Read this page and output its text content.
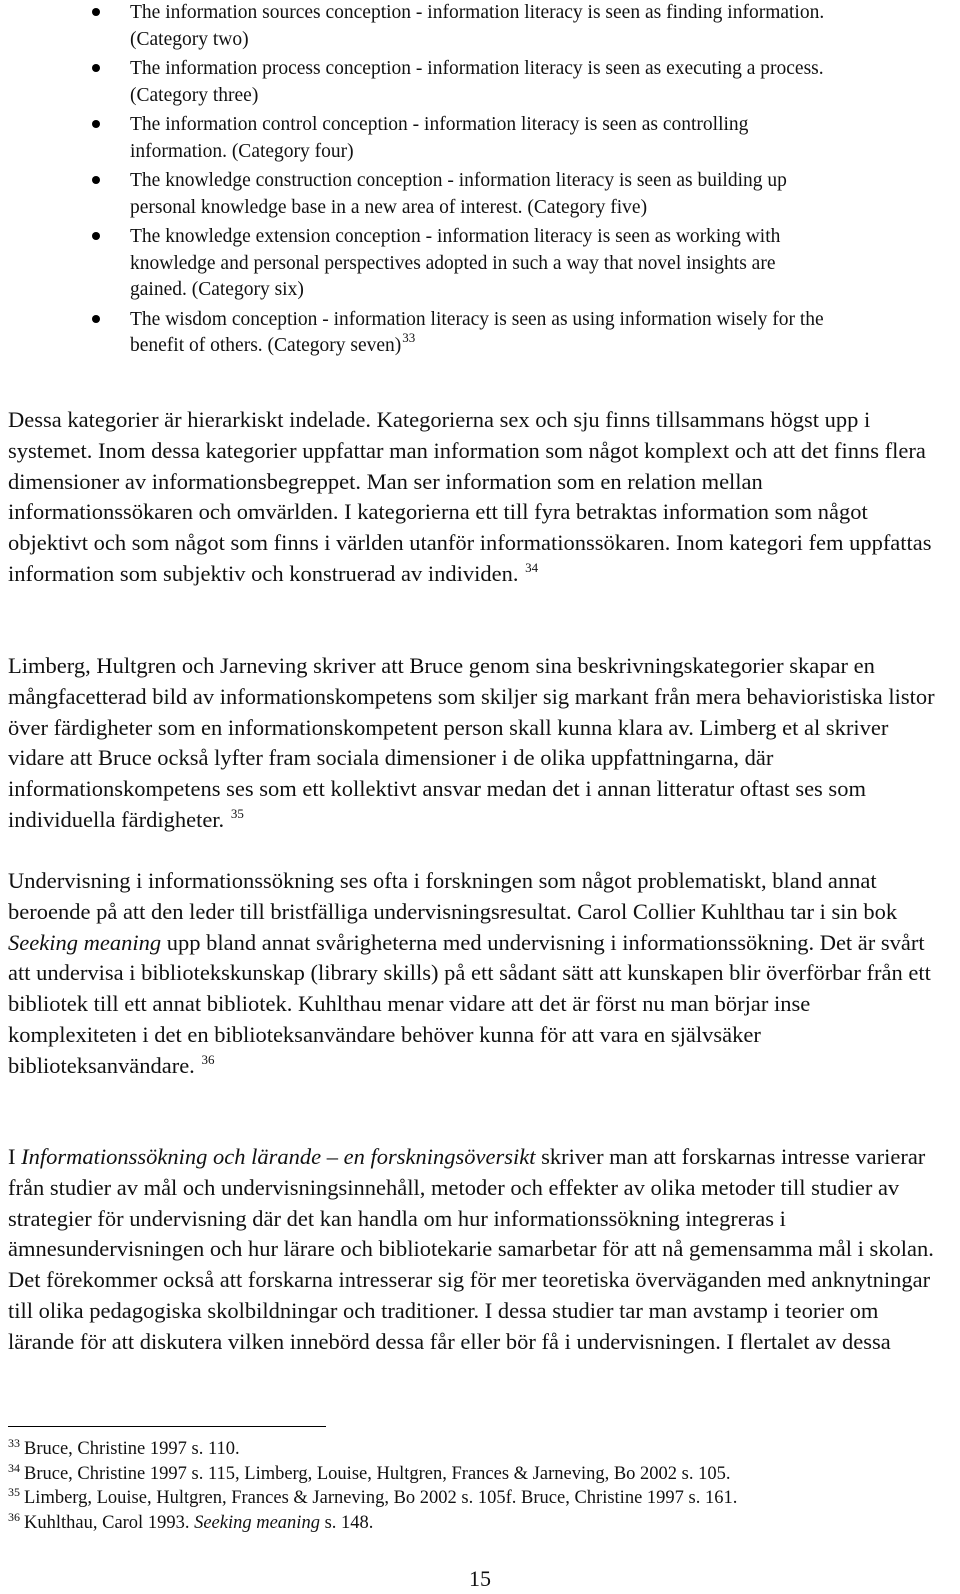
The information sources conception - information literacy is seen as finding information. (Category two)
The information process conception - information literacy is seen as executing a process. (Category three)
The information control conception - information literacy is seen as controlling information. (Category four)
The knowledge construction conception - information literacy is seen as building up personal knowledge base in a new area of interest. (Category five)
The knowledge extension conception - information literacy is seen as working with knowledge and personal perspectives adopted in such a way that novel insights are gained. (Category six)
The wisdom conception - information literacy is seen as using information wisely for the benefit of others. (Category seven)$^{33}$

Dessa kategorier är hierarkiskt indelade. Kategorierna sex och sju finns tillsammans högst upp i systemet. Inom dessa kategorier uppfattar man information som något komplext och att det finns flera dimensioner av informationsbegreppet. Man ser information som en relation mellan informationssökaren och omvärlden. I kategorierna ett till fyra betraktas information som något objektivt och som något som finns i världen utanför informationssökaren. Inom kategori fem uppfattas information som subjektiv och konstruerad av individen. $^{34}$

Limberg, Hultgren och Jarneving skriver att Bruce genom sina beskrivningskategorier skapar en mångfacetterad bild av informationskompetens som skiljer sig markant från mera behavioristiska listor över färdigheter som en informationskompetent person skall kunna klara av. Limberg et al skriver vidare att Bruce också lyfter fram sociala dimensioner i de olika uppfattningarna, där informationskompetens ses som ett kollektivt ansvar medan det i annan litteratur oftast ses som individuella färdigheter. $^{35}$

Undervisning i informationssökning ses ofta i forskningen som något problematiskt, bland annat beroende på att den leder till bristfälliga undervisningsresultat. Carol Collier Kuhlthau tar i sin bok Seeking meaning upp bland annat svårigheterna med undervisning i informationssökning. Det är svårt att undervisa i bibliotekskunskap (library skills) på ett sådant sätt att kunskapen blir överförbar från ett bibliotek till ett annat bibliotek. Kuhlthau menar vidare att det är först nu man börjar inse komplexiteten i det en biblioteksanvändare behöver kunna för att vara en självsäker biblioteksanvändare. $^{36}$

I Informationssökning och lärande – en forskningsöversikt skriver man att forskarnas intresse varierar från studier av mål och undervisningsinnehåll, metoder och effekter av olika metoder till studier av strategier för undervisning där det kan handla om hur informationssökning integreras i ämnesundervisningen och hur lärare och bibliotekarie samarbetar för att nå gemensamma mål i skolan. Det förekommer också att forskarna intresserar sig för mer teoretiska överväganden med anknytningar till olika pedagogiska skolbildningar och traditioner. I dessa studier tar man avstamp i teorier om lärande för att diskutera vilken innebörd dessa får eller bör få i undervisningen. I flertalet av dessa

$^{33}$ Bruce, Christine 1997 s. 110.
$^{34}$ Bruce, Christine 1997 s. 115, Limberg, Louise, Hultgren, Frances & Jarneving, Bo 2002 s. 105.
$^{35}$ Limberg, Louise, Hultgren, Frances & Jarneving, Bo 2002 s. 105f. Bruce, Christine 1997 s. 161.
$^{36}$ Kuhlthau, Carol 1993. Seeking meaning s. 148.
15
